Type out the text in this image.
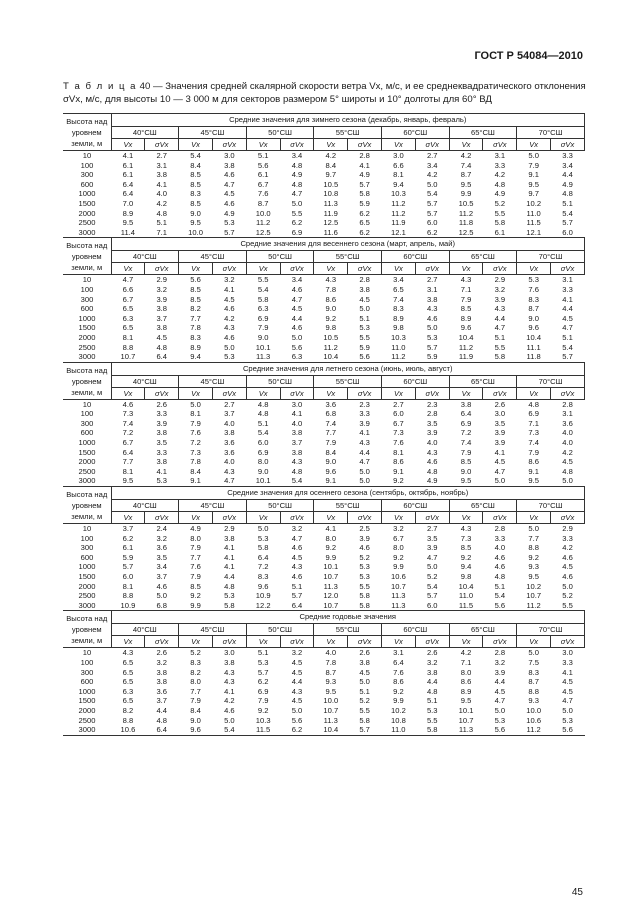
ГОСТ Р 54084—2010
Т а б л и ц а 40 — Значения средней скалярной скорости ветра Vx, м/с, и ее среднеквадратического отклонения σVx, м/с, для высоты 10 — 3 000 м для секторов размером 5° широты и 10° долготы для 60° ВД
Высота над уровнем земли, м	Средние значения для зимнего сезона (декабрь, январь, февраль)													
	40°СШ		45°СШ		50°СШ		55°СШ		60°СШ		65°СШ		70°СШ	
	Vx	σVx	Vx	σVx	Vx	σVx	Vx	σVx	Vx	σVx	Vx	σVx	Vx	σVx
10	4.1	2.7	5.4	3.0	5.1	3.4	4.2	2.8	3.0	2.7	4.2	3.1	5.0	3.3
100	6.1	3.1	8.4	3.8	5.6	4.8	8.4	4.1	6.6	3.4	7.4	3.3	7.9	3.4
300	6.1	3.8	8.5	4.6	6.1	4.9	9.7	4.9	8.1	4.2	8.7	4.2	9.1	4.4
600	6.4	4.1	8.5	4.7	6.7	4.8	10.5	5.7	9.4	5.0	9.5	4.8	9.5	4.9
1000	6.4	4.0	8.3	4.5	7.6	4.7	10.8	5.8	10.3	5.4	9.9	4.9	9.7	4.8
1500	7.0	4.2	8.5	4.6	8.7	5.0	11.3	5.9	11.2	5.7	10.5	5.2	10.2	5.1
2000	8.9	4.8	9.0	4.9	10.0	5.5	11.9	6.2	11.2	5.7	11.2	5.5	11.0	5.4
2500	9.5	5.1	9.5	5.3	11.2	6.2	12.5	6.5	11.9	6.0	11.8	5.8	11.5	5.7
3000	11.4	7.1	10.0	5.7	12.5	6.9	11.6	6.2	12.1	6.2	12.5	6.1	12.1	6.0
Высота над уровнем земли, м	Средние значения для весеннего сезона (март, апрель, май)													
	40°СШ		45°СШ		50°СШ		55°СШ		60°СШ		65°СШ		70°СШ	
	Vx	σVx	Vx	σVx	Vx	σVx	Vx	σVx	Vx	σVx	Vx	σVx	Vx	σVx
10	4.7	2.9	5.6	3.2	5.5	3.4	4.3	2.8	3.4	2.7	4.3	2.9	5.3	3.1
100	6.6	3.2	8.5	4.1	5.4	4.6	7.8	3.8	6.5	3.1	7.1	3.2	7.6	3.3
300	6.7	3.9	8.5	4.5	5.8	4.7	8.6	4.5	7.4	3.8	7.9	3.9	8.3	4.1
600	6.5	3.8	8.2	4.6	6.3	4.5	9.0	5.0	8.3	4.3	8.5	4.3	8.7	4.4
1000	6.3	3.7	7.7	4.2	6.9	4.4	9.2	5.1	8.9	4.6	8.9	4.4	9.0	4.5
1500	6.5	3.8	7.8	4.3	7.9	4.6	9.8	5.3	9.8	5.0	9.6	4.7	9.6	4.7
2000	8.1	4.5	8.3	4.6	9.0	5.0	10.5	5.5	10.3	5.3	10.4	5.1	10.4	5.1
2500	8.8	4.8	8.9	5.0	10.1	5.6	11.2	5.9	11.0	5.7	11.2	5.5	11.1	5.4
3000	10.7	6.4	9.4	5.3	11.3	6.3	10.4	5.6	11.2	5.9	11.9	5.8	11.8	5.7
Высота над уровнем земли, м	Средние значения для летнего сезона (июнь, июль, август)													
	40°СШ		45°СШ		50°СШ		55°СШ		60°СШ		65°СШ		70°СШ	
	Vx	σVx	Vx	σVx	Vx	σVx	Vx	σVx	Vx	σVx	Vx	σVx	Vx	σVx
10	4.6	2.6	5.0	2.7	4.8	3.0	3.6	2.3	2.7	2.3	3.8	2.6	4.8	2.8
100	7.3	3.3	8.1	3.7	4.8	4.1	6.8	3.3	6.0	2.8	6.4	3.0	6.9	3.1
300	7.4	3.9	7.9	4.0	5.1	4.0	7.4	3.9	6.7	3.5	6.9	3.5	7.1	3.6
600	7.2	3.8	7.6	3.8	5.4	3.8	7.7	4.1	7.3	3.9	7.2	3.9	7.3	4.0
1000	6.7	3.5	7.2	3.6	6.0	3.7	7.9	4.3	7.6	4.0	7.4	3.9	7.4	4.0
1500	6.4	3.3	7.3	3.6	6.9	3.8	8.4	4.4	8.1	4.3	7.9	4.1	7.9	4.2
2000	7.7	3.8	7.8	4.0	8.0	4.3	9.0	4.7	8.6	4.6	8.5	4.5	8.6	4.5
2500	8.1	4.1	8.4	4.3	9.0	4.8	9.6	5.0	9.1	4.8	9.0	4.7	9.1	4.8
3000	9.5	5.3	9.1	4.7	10.1	5.4	9.1	5.0	9.2	4.9	9.5	5.0	9.5	5.0
Высота над уровнем земли, м	Средние значения для осеннего сезона (сентябрь, октябрь, ноябрь)													
	40°СШ		45°СШ		50°СШ		55°СШ		60°СШ		65°СШ		70°СШ	
	Vx	σVx	Vx	σVx	Vx	σVx	Vx	σVx	Vx	σVx	Vx	σVx	Vx	σVx
10	3.7	2.4	4.9	2.9	5.0	3.2	4.1	2.5	3.2	2.7	4.3	2.8	5.0	2.9
100	6.2	3.2	8.0	3.8	5.3	4.7	8.0	3.9	6.7	3.5	7.3	3.3	7.7	3.3
300	6.1	3.6	7.9	4.1	5.8	4.6	9.2	4.6	8.0	3.9	8.5	4.0	8.8	4.2
600	5.9	3.5	7.7	4.1	6.4	4.5	9.9	5.2	9.2	4.7	9.2	4.6	9.2	4.6
1000	5.7	3.4	7.6	4.1	7.2	4.3	10.1	5.3	9.9	5.0	9.4	4.6	9.3	4.5
1500	6.0	3.7	7.9	4.4	8.3	4.6	10.7	5.3	10.6	5.2	9.8	4.8	9.5	4.6
2000	8.1	4.6	8.5	4.8	9.6	5.1	11.3	5.5	10.7	5.4	10.4	5.1	10.2	5.0
2500	8.8	5.0	9.2	5.3	10.9	5.7	12.0	5.8	11.3	5.7	11.0	5.4	10.7	5.2
3000	10.9	6.8	9.9	5.8	12.2	6.4	10.7	5.8	11.3	6.0	11.5	5.6	11.2	5.5
Высота над уровнем земли, м	Средние годовые значения													
	40°СШ		45°СШ		50°СШ		55°СШ		60°СШ		65°СШ		70°СШ	
	Vx	σVx	Vx	σVx	Vx	σVx	Vx	σVx	Vx	σVx	Vx	σVx	Vx	σVx
10	4.3	2.6	5.2	3.0	5.1	3.2	4.0	2.6	3.1	2.6	4.2	2.8	5.0	3.0
100	6.5	3.2	8.3	3.8	5.3	4.5	7.8	3.8	6.4	3.2	7.1	3.2	7.5	3.3
300	6.5	3.8	8.2	4.3	5.7	4.5	8.7	4.5	7.6	3.8	8.0	3.9	8.3	4.1
600	6.5	3.8	8.0	4.3	6.2	4.4	9.3	5.0	8.6	4.4	8.6	4.4	8.7	4.5
1000	6.3	3.6	7.7	4.1	6.9	4.3	9.5	5.1	9.2	4.8	8.9	4.5	8.8	4.5
1500	6.5	3.7	7.9	4.2	7.9	4.5	10.0	5.2	9.9	5.1	9.5	4.7	9.3	4.7
2000	8.2	4.4	8.4	4.6	9.2	5.0	10.7	5.5	10.2	5.3	10.1	5.0	10.0	5.0
2500	8.8	4.8	9.0	5.0	10.3	5.6	11.3	5.8	10.8	5.5	10.7	5.3	10.6	5.3
3000	10.6	6.4	9.6	5.4	11.5	6.2	10.4	5.7	11.0	5.8	11.3	5.6	11.2	5.6
45
